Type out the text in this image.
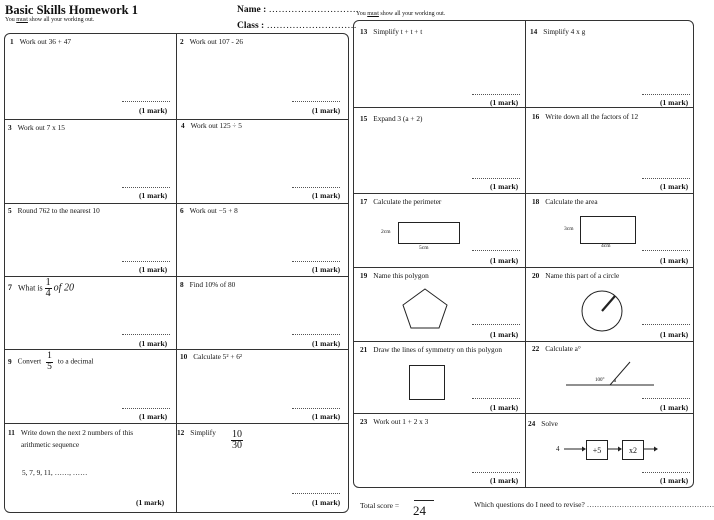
Basic Skills Homework 1
You must show all your working out.
Name : ……………………….
Class : ……………………….
You must show all your working out.
1 Work out 36 + 47
(1 mark)
2 Work out 107 - 26
(1 mark)
3 Work out 7 x 15
(1 mark)
4 Work out 125 ÷ 5
(1 mark)
5 Round 762 to the nearest 10
(1 mark)
6 Work out −5 + 8
(1 mark)
7 What is $\frac{1}{4}$ of 20
(1 mark)
8 Find 10% of 80
(1 mark)
9 Convert $\frac{1}{5}$ to a decimal
(1 mark)
10 Calculate 5² + 6²
(1 mark)
11 Write down the next 2 numbers of this
arithmetic sequence
5, 7, 9, 11, ……, ……
(1 mark)
12 Simplify $\frac{10}{30}$
(1 mark)
13 Simplify t + t + t
(1 mark)
14 Simplify 4 x g
(1 mark)
15 Expand 3 (a + 2)
(1 mark)
16 Write down all the factors of 12
(1 mark)
17 Calculate the perimeter
2cm
5cm
(1 mark)
18 Calculate the area
3cm
4cm
(1 mark)
19 Name this polygon
(1 mark)
20 Name this part of a circle
(1 mark)
21 Draw the lines of symmetry on this polygon
(1 mark)
22 Calculate a°
100° a
(1 mark)
23 Work out 1 + 2 x 3
(1 mark)
24 Solve
4	+5	x2
(1 mark)
Total score = 24	Which questions do I need to revise? ……………………………………………
